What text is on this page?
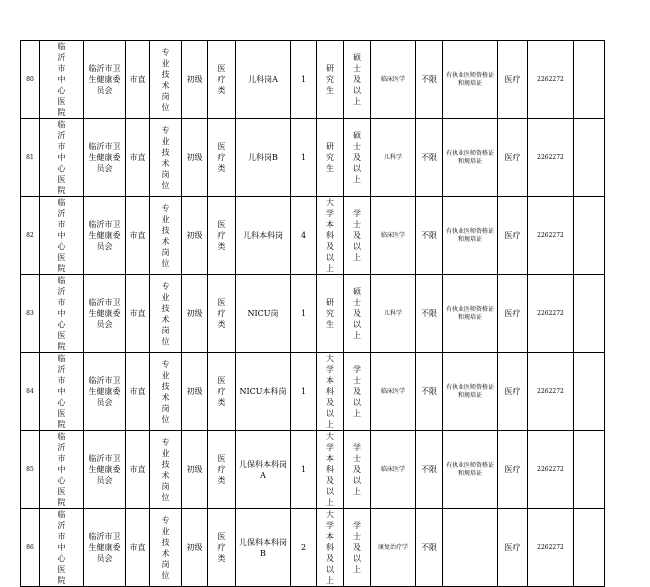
80	临沂市中心医院	临沂市卫生健康委员会	市直	专业技术岗位	初级	医疗类	儿科岗A	1	研究生	硕士及以上	临床医学	不限	有执业医师资格证和规培证	医疗	2262272	

81	临沂市中心医院	临沂市卫生健康委员会	市直	专业技术岗位	初级	医疗类	儿科岗B	1	研究生	硕士及以上	儿科学	不限	有执业医师资格证和规培证	医疗	2262272	

82	临沂市中心医院	临沂市卫生健康委员会	市直	专业技术岗位	初级	医疗类	儿科本科岗	4	大学本科及以上	学士及以上	临床医学	不限	有执业医师资格证和规培证	医疗	2262272	

83	临沂市中心医院	临沂市卫生健康委员会	市直	专业技术岗位	初级	医疗类	NICU岗	1	研究生	硕士及以上	儿科学	不限	有执业医师资格证和规培证	医疗	2262272	

84	临沂市中心医院	临沂市卫生健康委员会	市直	专业技术岗位	初级	医疗类	NICU本科岗	1	大学本科及以上	学士及以上	临床医学	不限	有执业医师资格证和规培证	医疗	2262272	

85	临沂市中心医院	临沂市卫生健康委员会	市直	专业技术岗位	初级	医疗类	儿保科本科岗A	1	大学本科及以上	学士及以上	临床医学	不限	有执业医师资格证和规培证	医疗	2262272	

86	临沂市中心医院	临沂市卫生健康委员会	市直	专业技术岗位	初级	医疗类	儿保科本科岗B	2	大学本科及以上	学士及以上	康复治疗学	不限		医疗	2262272	
